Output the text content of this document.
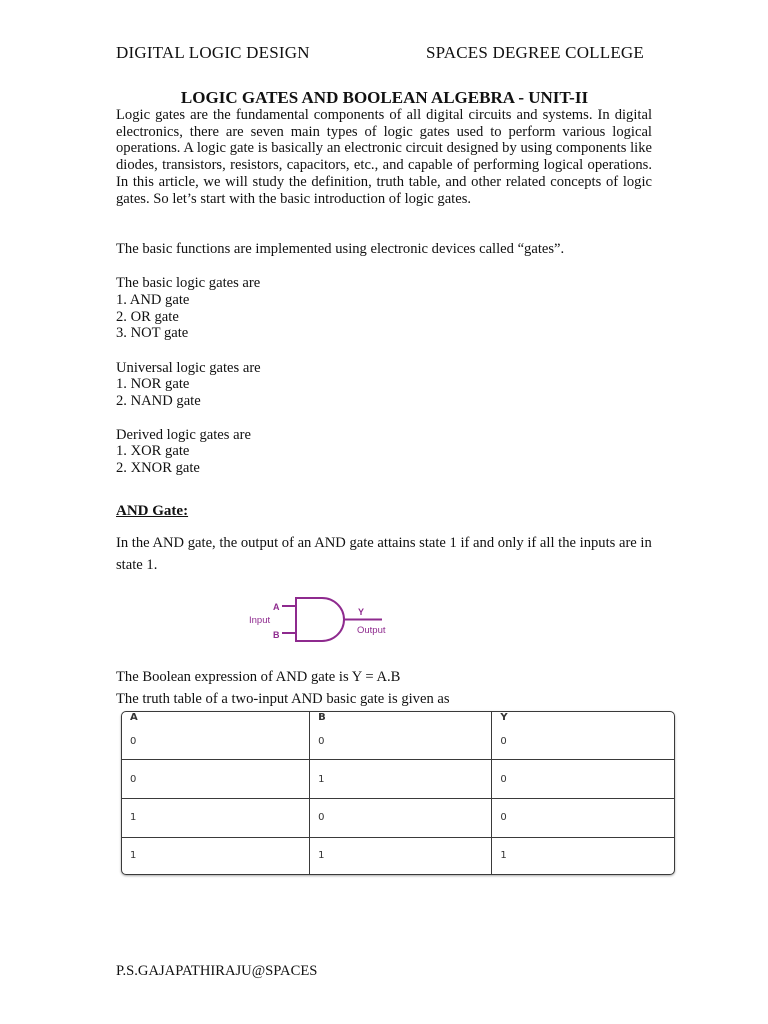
DIGITAL LOGIC DESIGN	SPACES DEGREE COLLEGE
LOGIC GATES AND BOOLEAN ALGEBRA - UNIT-II

Logic gates are the fundamental components of all digital circuits and systems. In digital electronics, there are seven main types of logic gates used to perform various logical operations. A logic gate is basically an electronic circuit designed by using components like diodes, transistors, resistors, capacitors, etc., and capable of performing logical operations. In this article, we will study the definition, truth table, and other related concepts of logic gates. So let’s start with the basic introduction of logic gates.

The basic functions are implemented using electronic devices called “gates”.

The basic logic gates are

1. AND gate
2. OR gate
3. NOT gate

Universal logic gates are

1. NOR gate
2. NAND gate

Derived logic gates are

1. XOR gate
2. XNOR gate
AND Gate:

In the AND gate, the output of an AND gate attains state 1 if and only if all the inputs are in state 1.

A
B
Input
Y
Output

The Boolean expression of AND gate is Y = A.B

The truth table of a two-input AND basic gate is given as

A	B	Y
0	0	0
0	1	0
1	0	0
1	1	1
P.S.GAJAPATHIRAJU@SPACES
